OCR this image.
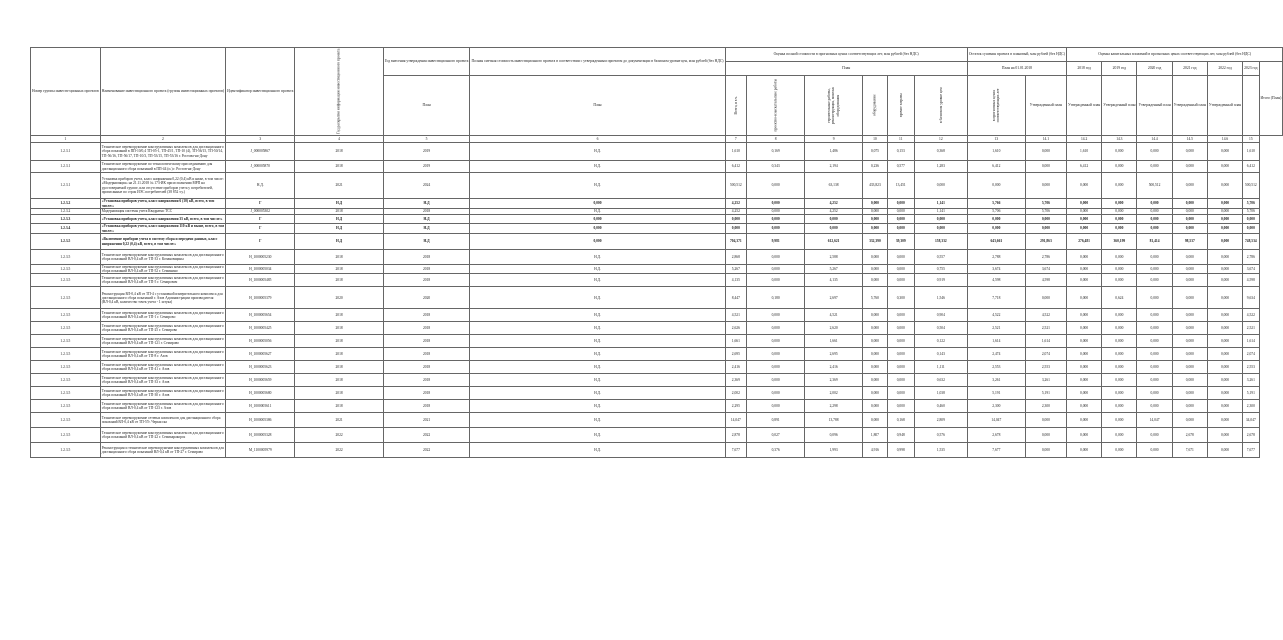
Номер группы инвести-ционных проектов	Наименование инвестиционного проекта (группы инвестиционных проектов)	Идентификатор инвестиционного проекта	Год раскрытия информации инвестиционного проекта	Год внесения утверждения инвестиционного проекта	Полная сметная стоимость инвестиционного проекта в соответствии с утвержденным проектом до документации в базисном уровне цен, млн рублей (без НДС)	Оценка полной стоимости в прогнозных ценах соответствующих лет, млн рублей (без НДС)						Остаток сушения проекта в плановый, млн рублей (без НДС)		Оценка капитальных вложений в прогнозных ценах соответствующих лет, млн рублей (без НДС)						
						План						План на 01.01.2018		2018 год	2019 год	2020 год	2021 год	2022 год	2023 год	Итого (План)
				План	План	Всего, в т.ч.	проектно-изыскательские работы	строительные работы, реконструкция, монтаж оборудования	оборудование	прочие затраты	в базисном уровне цен	в прогнозных ценах соответствующих лет	Утвержденный план	Утвержденный план	Утвержденный план	Утвержденный план	Утвержденный план	Утвержденный план		
1	2	3	4	5	6	7	8	9	10	11	12	13	14.1	14.2	14.3	14.4	14.5	14.6	15	
1.2.3.1	Техническое перевооружение конструктивных комплексов для дистанционного сбора показаний в ПП-10/0,4 ТП-05-1, ТП-45/1, ТП-10 (4), ТП-56/15, ТП-50/14, ТП-56/16, ТП-56/17, ТП-10/3, ТП-53/15, ТП-53/16 г. Ростова-на-Дону	J_000005867	2018	2019	Н.Д.	1,610	0,169	1,486	0,075	0,153	0,368	1,610	0,000	1,610	0,000	0,000	0,000	0,000	1,610	
1.2.3.1	Техническое перевооружение по технологическому присоединению для дистанционного сбора показаний в ПП-44 (п.) г. Ростов-на-Дону	J_000005870	2018	2019	Н.Д.	6,412	0,343	2,194	0,236	0,577	1,283	6,412	0,000	6,412	0,000	0,000	0,000	0,000	6,412	
1.2.3.1	Установка приборов учета, класс напряжения 0,22 (0,4) кВ и ниже, в том числе: «Модернизация» на 21.11.2018 № 173-ИК при исполнении МРП на удостоверяемой группе, или отсутствие приборов учета у потребителей, прописанные по строк ИЭС потребителей (38 852 т.у.)	Н.Д.	2021	2024	Н.Д.	500,512	0,000	63,138	433,823	13,451	0,000	0,000	0,000	0,000	0,000	500,512	0,000	0,000	500,512	
1.2.3.2	«Установка приборов учета, класс напряжения 6 (10) кВ, всего, в том числе:»	Г	Н.Д	Н.Д	0,000	4,252	0,000	4,252	0,000	0,000	1,141	5,766	5,706	0,000	0,000	0,000	0,000	0,000	5,706	
1.2.3.2	Модернизация системы учета Квадратно ТСС	J_000005302	2018	2018	Н.Д.	4,252	0,000	4,252	0,000	0,000	1,141	5,706	5,706	0,000	0,000	0,000	0,000	0,000	5,706	
1.2.3.3	«Установка приборов учета, класс напряжения 35 кВ, всего, в том числе:»	Г	Н.Д	Н.Д	0,000	0,000	0,000	0,000	0,000	0,000	0,000	0,000	0,000	0,000	0,000	0,000	0,000	0,000	0,000	
1.2.3.4	«Установка приборов учета, класс напряжения 110 кВ и выше, всего, в том числе:»	Г	Н.Д	Н.Д	0,000	0,000	0,000	0,000	0,000	0,000	0,000	0,000	0,000	0,000	0,000	0,000	0,000	0,000	0,000	
1.2.3.5	«Включение приборов учета в систему сбора и передачи данных, класс напряжения 0,22 (0,4) кВ, всего, в том числе:»	Г	Н.Д	Н.Д	0,000	704,371	9,981	612,621	332,390	39,309	158,332	643,661	291,863	276,481	360,199	81,414	98,537	0,000	748,534	
1.2.3.5	Техническое перевооружение конструктивных комплексов для дистанционного сбора показаний ВЛ-0,4 кВ от ТП-33 г. Кочановщины	H_1000005230	2018	2018	Н.Д.	2,868	0,000	2,588	0,000	0,000	0,557	2,788	2,786	0,000	0,000	0,000	0,000	0,000	2,786	
1.2.3.5	Техническое перевооружение конструктивных комплексов для дистанционного сбора показаний ВЛ-0,4 кВ от ТП-52 г. Семинино	H_1000005034	2018	2018	Н.Д.	5,267	0,000	5,267	0,000	0,000	0,755	3,674	3,674	0,000	0,000	0,000	0,000	0,000	3,674	
1.2.3.5	Техническое перевооружение конструктивных комплексов для дистанционного сбора показаний ВЛ-0,4 кВ от ТП-5 г. Семирович	H_1000005485	2018	2018	Н.Д.	4,135	0,000	4,135	0,000	0,000	0,919	4,598	4,598	0,000	0,000	0,000	0,000	0,000	4,598	
1.2.3.5	Реконструкция ВЛ-0,4 кВ от ТП-4 с установкой измерительного комплекса для дистанционного сбора показаний г. Азов Администрации производителя (ВЛ-0,4 кВ, количество точек учета - 1 штука)	H_1000005379	2020	2020	Н.Д.	8,447	0,180	2,697	5,760	0,300	1,546	7,718	0,000	0,000	0,624	0,000	0,000	0,000	9,634	
1.2.3.5	Техническое перевооружение конструктивных комплексов для дистанционного сбора показаний ВЛ-0,4 кВ от ТП-1 г. Семирово	H_1000005654	2018	2018	Н.Д.	4,521	0,000	4,521	0,000	0,000	0,904	4,522	4,522	0,000	0,000	0,000	0,000	0,000	4,522	
1.2.3.5	Техническое перевооружение конструктивных комплексов для дистанционного сбора показаний ВЛ-0,4 кВ от ТП-25 г. Семирово	H_1000005425	2018	2018	Н.Д.	2,626	0,000	2,620	0,000	0,000	0,504	2,521	2,521	0,000	0,000	0,000	0,000	0,000	2,521	
1.2.3.5	Техническое перевооружение конструктивных комплексов для дистанционного сбора показаний ВЛ-0,4 кВ от ТП-121 г. Семирово	H_1000005056	2018	2018	Н.Д.	1,661	0,000	1,661	0,000	0,000	0,122	1,614	1,614	0,000	0,000	0,000	0,000	0,000	1,614	
1.2.3.5	Техническое перевооружение конструктивных комплексов для дистанционного сбора показаний ВЛ-0,4 кВ от ТП-8 г. Азов	H_1000005627	2018	2018	Н.Д.	2,695	0,000	2,695	0,000	0,000	0,143	2,474	2,074	0,000	0,000	0,000	0,000	0,000	2,074	
1.2.3.5	Техническое перевооружение конструктивных комплексов для дистанционного сбора показаний ВЛ-0,4 кВ от ТП-41 г. Азов	H_1000005623	2018	2018	Н.Д.	2,416	0,000	2,416	0,000	0,000	1,111	2,553	2,553	0,000	0,000	0,000	0,000	0,000	2,553	
1.2.3.5	Техническое перевооружение конструктивных комплексов для дистанционного сбора показаний ВЛ-0,4 кВ от ТП-33 г. Азов	H_1000005659	2018	2018	Н.Д.	2,369	0,000	2,369	0,000	0,000	0,632	3,261	3,261	0,000	0,000	0,000	0,000	0,000	3,261	
1.2.3.5	Техническое перевооружение конструктивных комплексов для дистанционного сбора показаний ВЛ-0,4 кВ от ТП-30 г. Азов	H_1000005680	2018	2018	Н.Д.	2,002	0,000	2,002	0,000	0,000	1,038	5,191	5,191	0,000	0,000	0,000	0,000	0,000	5,191	
1.2.3.5	Техническое перевооружение конструктивных комплексов для дистанционного сбора показаний ВЛ-0,4 кВ от ТП-123 г. Азов	H_1000005611	2018	2018	Н.Д.	2,295	0,000	2,298	0,000	0,000	0,460	2,300	2,300	0,000	0,000	0,000	0,000	0,000	2,300	
1.2.3.5	Техническое перевооружение сетевых комплексов для дистанционного сбора показаний ВЛ-0,4 кВ от ТП-57г. Черкасска	H_1000005386	2021	2021	Н.Д.	14,047	0,891	13,788	0,000	0,168	2,809	14,047	0,000	0,000	0,000	14,047	0,000	0,000	34,047	
1.2.3.5	Техническое перевооружение конструктивных комплексов для дистанционного сбора показаний ВЛ-0,4 кВ от ТП-22 г. Семикаракорск	H_1000005328	2022	2022	Н.Д.	2,878	0,027	0,096	1,807	0,948	0,576	2,678	0,000	0,000	0,000	0,000	2,678	0,000	2,678	
1.2.3.5	Реконструкция и техническое перевооружение конструктивных комплексов для дистанционного сбора показаний ВЛ-0,4 кВ от ТП-27 г. Семирово	M_1100005979	2022	2022	Н.Д.	7,677	0,376	1,993	4,916	0,998	1,535	7,677	0,000	0,000	0,000	0,000	7,671	0,000	7,677	
